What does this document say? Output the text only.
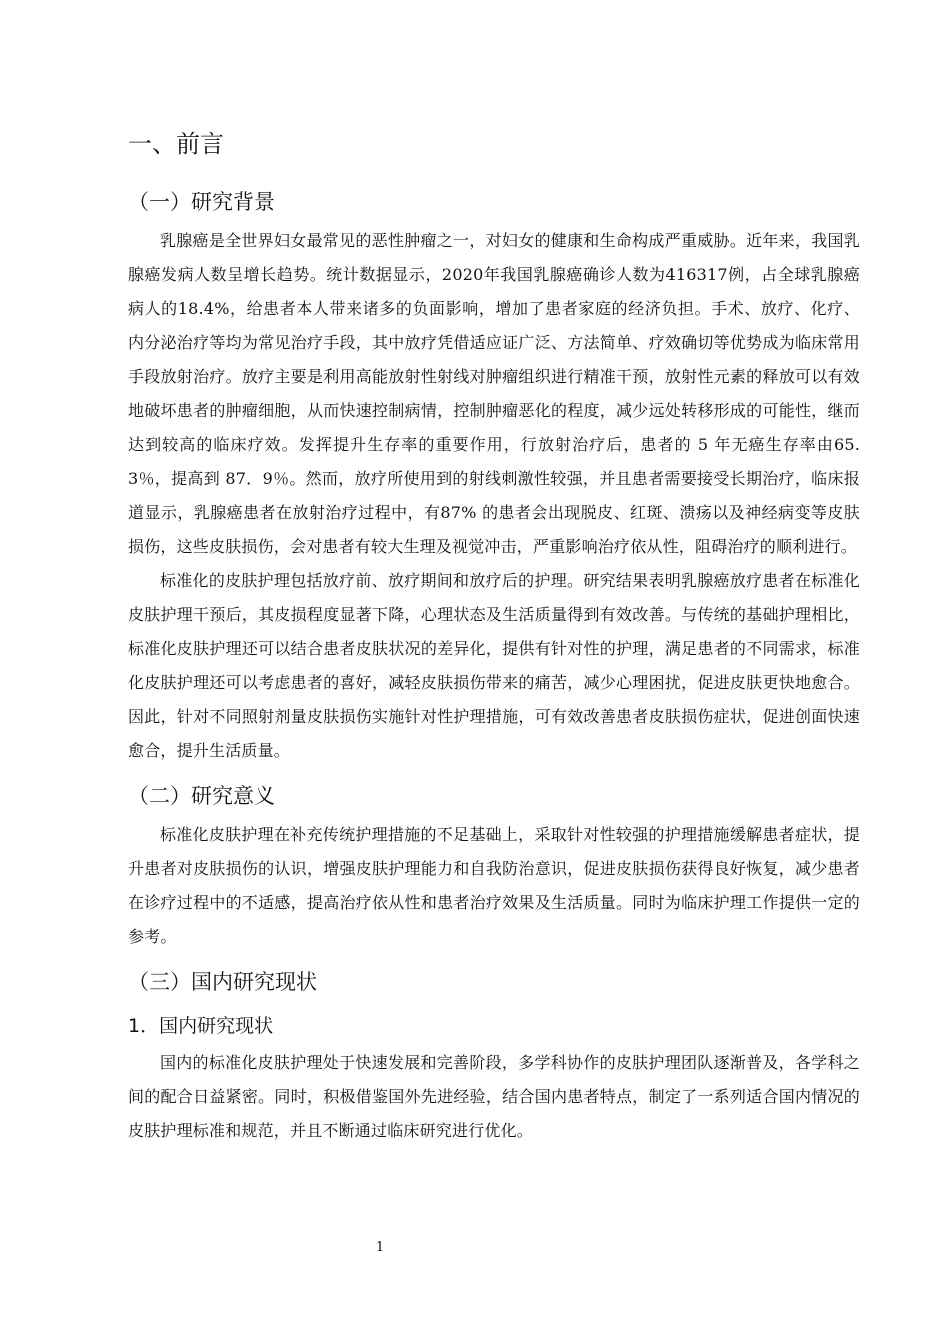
一、前言
（一）研究背景

乳腺癌是全世界妇女最常见的恶性肿瘤之一，对妇女的健康和生命构成严重威胁。近年来，我国乳腺癌发病人数呈增长趋势。统计数据显示，2020年我国乳腺癌确诊人数为416317例，占全球乳腺癌病人的18.4%，给患者本人带来诸多的负面影响，增加了患者家庭的经济负担。手术、放疗、化疗、内分泌治疗等均为常见治疗手段，其中放疗凭借适应证广泛、方法简单、疗效确切等优势成为临床常用手段放射治疗。放疗主要是利用高能放射性射线对肿瘤组织进行精准干预，放射性元素的释放可以有效地破坏患者的肿瘤细胞，从而快速控制病情，控制肿瘤恶化的程度，减少远处转移形成的可能性，继而达到较高的临床疗效。发挥提升生存率的重要作用，行放射治疗后，患者的 5 年无癌生存率由65.3％，提高到 87．9％。然而，放疗所使用到的射线刺激性较强，并且患者需要接受长期治疗，临床报道显示，乳腺癌患者在放射治疗过程中，有87% 的患者会出现脱皮、红斑、溃疡以及神经病变等皮肤损伤，这些皮肤损伤，会对患者有较大生理及视觉冲击，严重影响治疗依从性，阻碍治疗的顺利进行。

标准化的皮肤护理包括放疗前、放疗期间和放疗后的护理。研究结果表明乳腺癌放疗患者在标准化皮肤护理干预后，其皮损程度显著下降，心理状态及生活质量得到有效改善。与传统的基础护理相比，标准化皮肤护理还可以结合患者皮肤状况的差异化，提供有针对性的护理，满足患者的不同需求，标准化皮肤护理还可以考虑患者的喜好，减轻皮肤损伤带来的痛苦，减少心理困扰，促进皮肤更快地愈合。因此，针对不同照射剂量皮肤损伤实施针对性护理措施，可有效改善患者皮肤损伤症状，促进创面快速愈合，提升生活质量。

（二）研究意义

标准化皮肤护理在补充传统护理措施的不足基础上，采取针对性较强的护理措施缓解患者症状，提升患者对皮肤损伤的认识，增强皮肤护理能力和自我防治意识，促进皮肤损伤获得良好恢复，减少患者在诊疗过程中的不适感，提高治疗依从性和患者治疗效果及生活质量。同时为临床护理工作提供一定的参考。

（三）国内研究现状
1．国内研究现状

国内的标准化皮肤护理处于快速发展和完善阶段，多学科协作的皮肤护理团队逐渐普及，各学科之间的配合日益紧密。同时，积极借鉴国外先进经验，结合国内患者特点，制定了一系列适合国内情况的皮肤护理标准和规范，并且不断通过临床研究进行优化。

1
